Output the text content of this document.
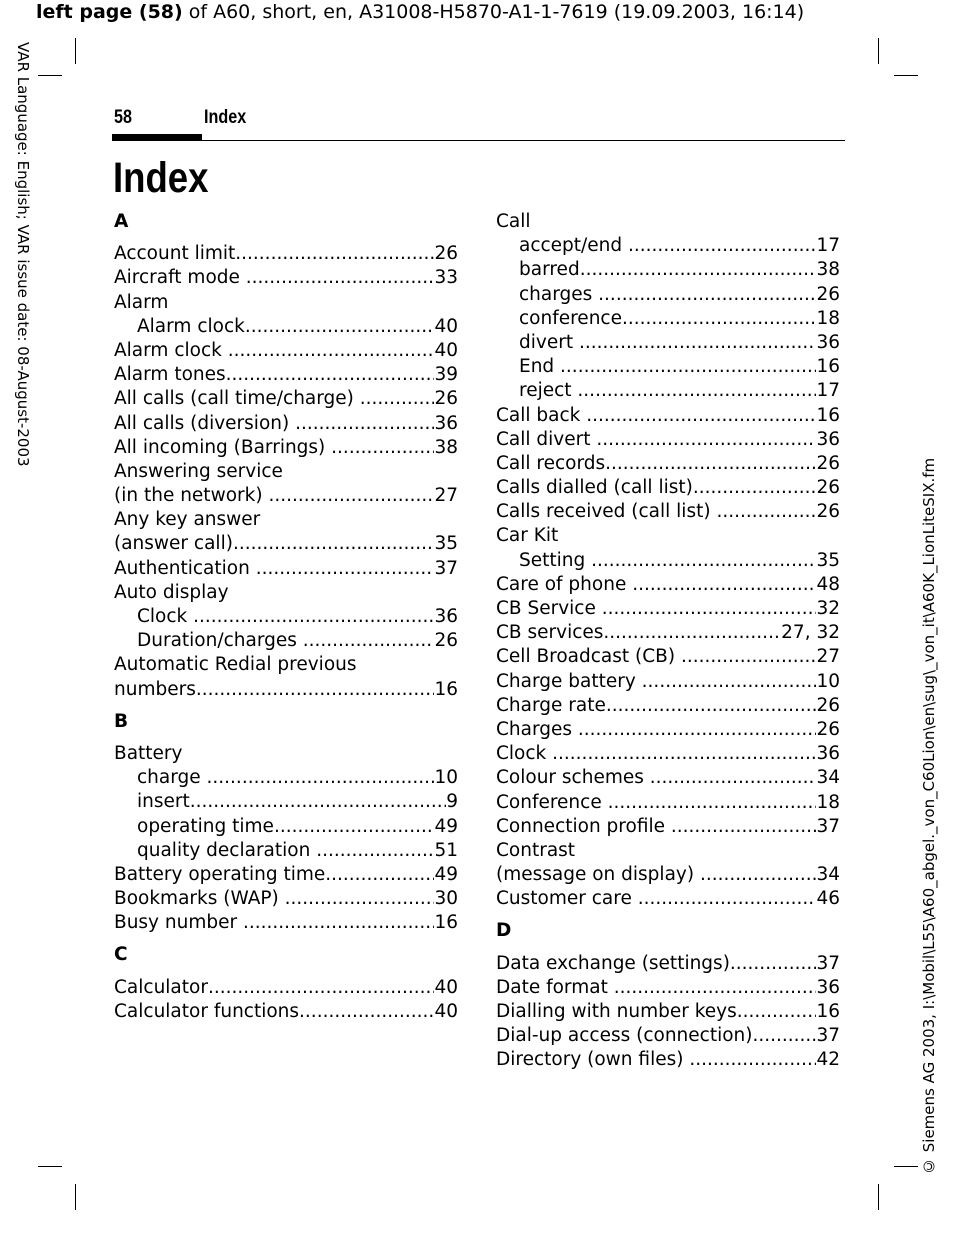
left page (58) of A60, short, en, A31008-H5870-A1-1-7619 (19.09.2003, 16:14)
VAR Language: English; VAR issue date: 08-August-2003
© Siemens AG 2003, I:\Mobil\L55\A60_abgel._von_C60Lion\en\sug\_von_it\A60K_LionLiteSIX.fm
58	Index
Index
A
Account limit .....	26
Aircraft mode .....	33
Alarm
Alarm clock .....	40
Alarm clock .....	40
Alarm tones .....	39
All calls (call time/charge) .....	26
All calls (diversion) .....	36
All incoming (Barrings) .....	38
Answering service
(in the network) .....	27
Any key answer
(answer call) .....	35
Authentication .....	37
Auto display
Clock .....	36
Duration/charges .....	26
Automatic Redial previous
numbers .....	16
B
Battery
charge .....	10
insert .....	9
operating time .....	49
quality declaration .....	51
Battery operating time .....	49
Bookmarks (WAP) .....	30
Busy number .....	16
C
Calculator .....	40
Calculator functions .....	40
Call
accept/end .....	17
barred .....	38
charges .....	26
conference .....	18
divert .....	36
End .....	16
reject .....	17
Call back .....	16
Call divert .....	36
Call records .....	26
Calls dialled (call list) .....	26
Calls received (call list) .....	26
Car Kit
Setting .....	35
Care of phone .....	48
CB Service .....	32
CB services .....	27, 32
Cell Broadcast (CB) .....	27
Charge battery .....	10
Charge rate .....	26
Charges .....	26
Clock .....	36
Colour schemes .....	34
Conference .....	18
Connection profile .....	37
Contrast
(message on display) .....	34
Customer care .....	46
D
Data exchange (settings) .....	37
Date format .....	36
Dialling with number keys .....	16
Dial-up access (connection) .....	37
Directory (own files) .....	42
